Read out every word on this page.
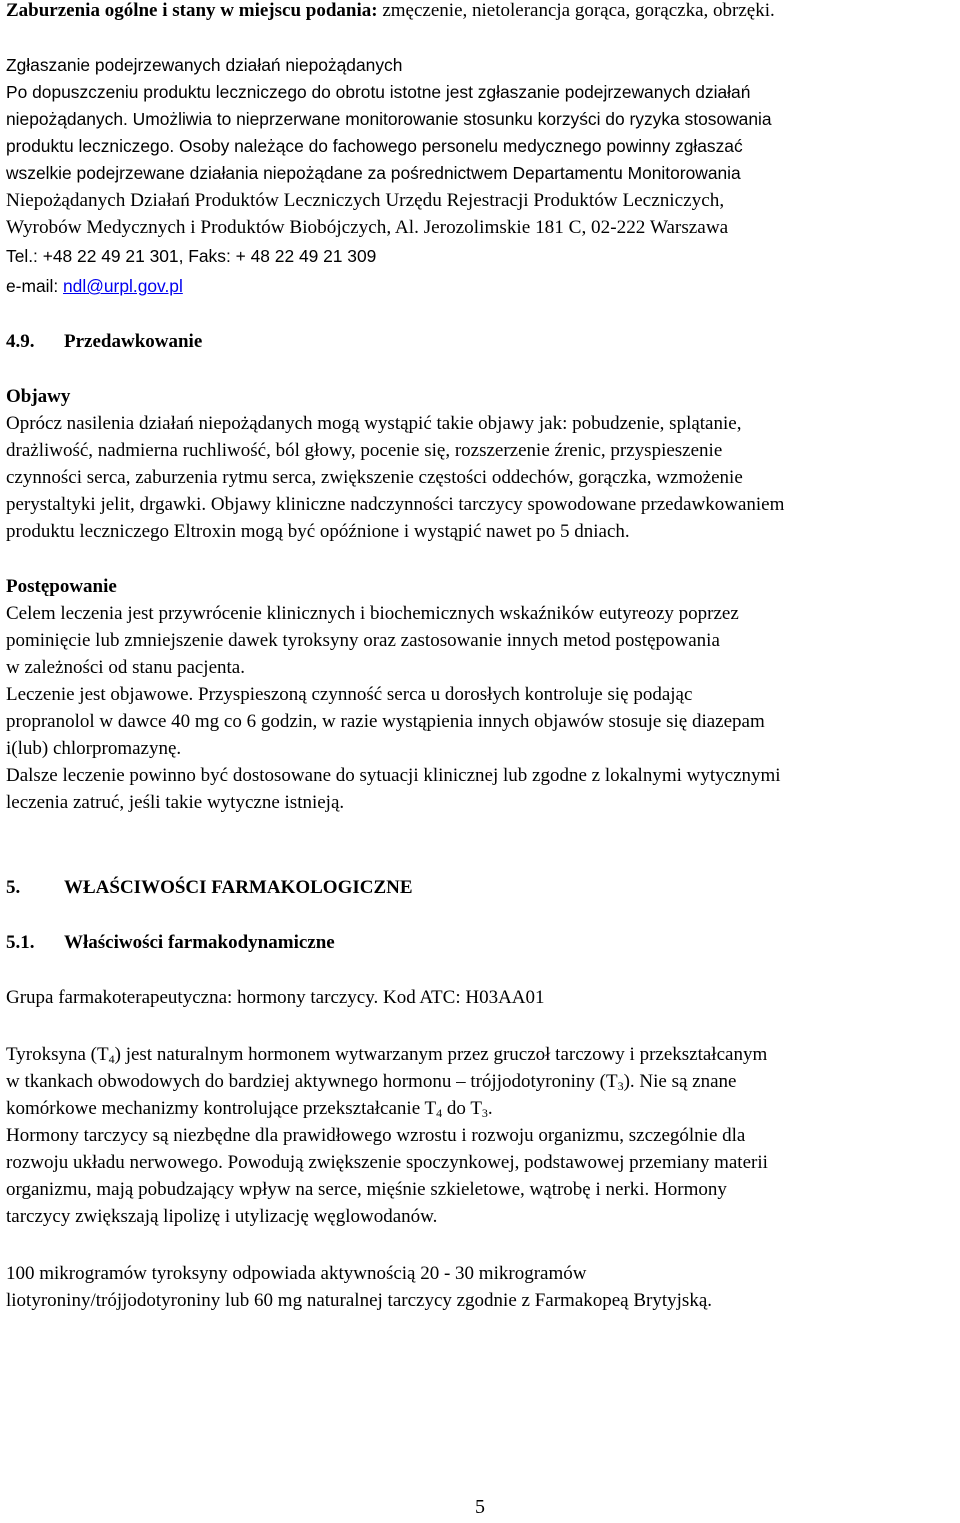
Zaburzenia ogólne i stany w miejscu podania: zmęczenie, nietolerancja gorąca, gorączka, obrzęki.
Zgłaszanie podejrzewanych działań niepożądanych
Po dopuszczeniu produktu leczniczego do obrotu istotne jest zgłaszanie podejrzewanych działań
niepożądanych. Umożliwia to nieprzerwane monitorowanie stosunku korzyści do ryzyka stosowania
produktu leczniczego. Osoby należące do fachowego personelu medycznego powinny zgłaszać
wszelkie podejrzewane działania niepożądane za pośrednictwem Departamentu Monitorowania
Niepożądanych Działań Produktów Leczniczych Urzędu Rejestracji Produktów Leczniczych,
Wyrobów Medycznych i Produktów Biobójczych, Al. Jerozolimskie 181 C, 02-222 Warszawa
Tel.: +48 22 49 21 301, Faks: + 48 22 49 21 309
e-mail: ndl@urpl.gov.pl
4.9. Przedawkowanie
Objawy
Oprócz nasilenia działań niepożądanych mogą wystąpić takie objawy jak: pobudzenie, splątanie,
drażliwość, nadmierna ruchliwość, ból głowy, pocenie się, rozszerzenie źrenic, przyspieszenie
czynności serca, zaburzenia rytmu serca, zwiększenie częstości oddechów, gorączka, wzmożenie
perystaltyki jelit, drgawki. Objawy kliniczne nadczynności tarczycy spowodowane przedawkowaniem
produktu leczniczego Eltroxin mogą być opóźnione i wystąpić nawet po 5 dniach.
Postępowanie
Celem leczenia jest przywrócenie klinicznych i biochemicznych wskaźników eutyreozy poprzez
pominięcie lub zmniejszenie dawek tyroksyny oraz zastosowanie innych metod postępowania
w zależności od stanu pacjenta.
Leczenie jest objawowe. Przyspieszoną czynność serca u dorosłych kontroluje się podając
propranolol w dawce 40 mg co 6 godzin, w razie wystąpienia innych objawów stosuje się diazepam
i(lub) chlorpromazynę.
Dalsze leczenie powinno być dostosowane do sytuacji klinicznej lub zgodne z lokalnymi wytycznymi
leczenia zatruć, jeśli takie wytyczne istnieją.
5. WŁAŚCIWOŚCI FARMAKOLOGICZNE
5.1. Właściwości farmakodynamiczne
Grupa farmakoterapeutyczna: hormony tarczycy. Kod ATC: H03AA01
Tyroksyna $(T_4)$ jest naturalnym hormonem wytwarzanym przez gruczoł tarczowy i przekształcanym
w tkankach obwodowych do bardziej aktywnego hormonu – trójjodotyroniny $(T_3)$. Nie są znane
komórkowe mechanizmy kontrolujące przekształcanie $T_4$ do $T_3$.
Hormony tarczycy są niezbędne dla prawidłowego wzrostu i rozwoju organizmu, szczególnie dla
rozwoju układu nerwowego. Powodują zwiększenie spoczynkowej, podstawowej przemiany materii
organizmu, mają pobudzający wpływ na serce, mięśnie szkieletowe, wątrobę i nerki. Hormony
tarczycy zwiększają lipolizę i utylizację węglowodanów.
100 mikrogramów tyroksyny odpowiada aktywnością 20 - 30 mikrogramów
liotyroniny/trójjodotyroniny lub 60 mg naturalnej tarczycy zgodnie z Farmakopeą Brytyjską.
5
